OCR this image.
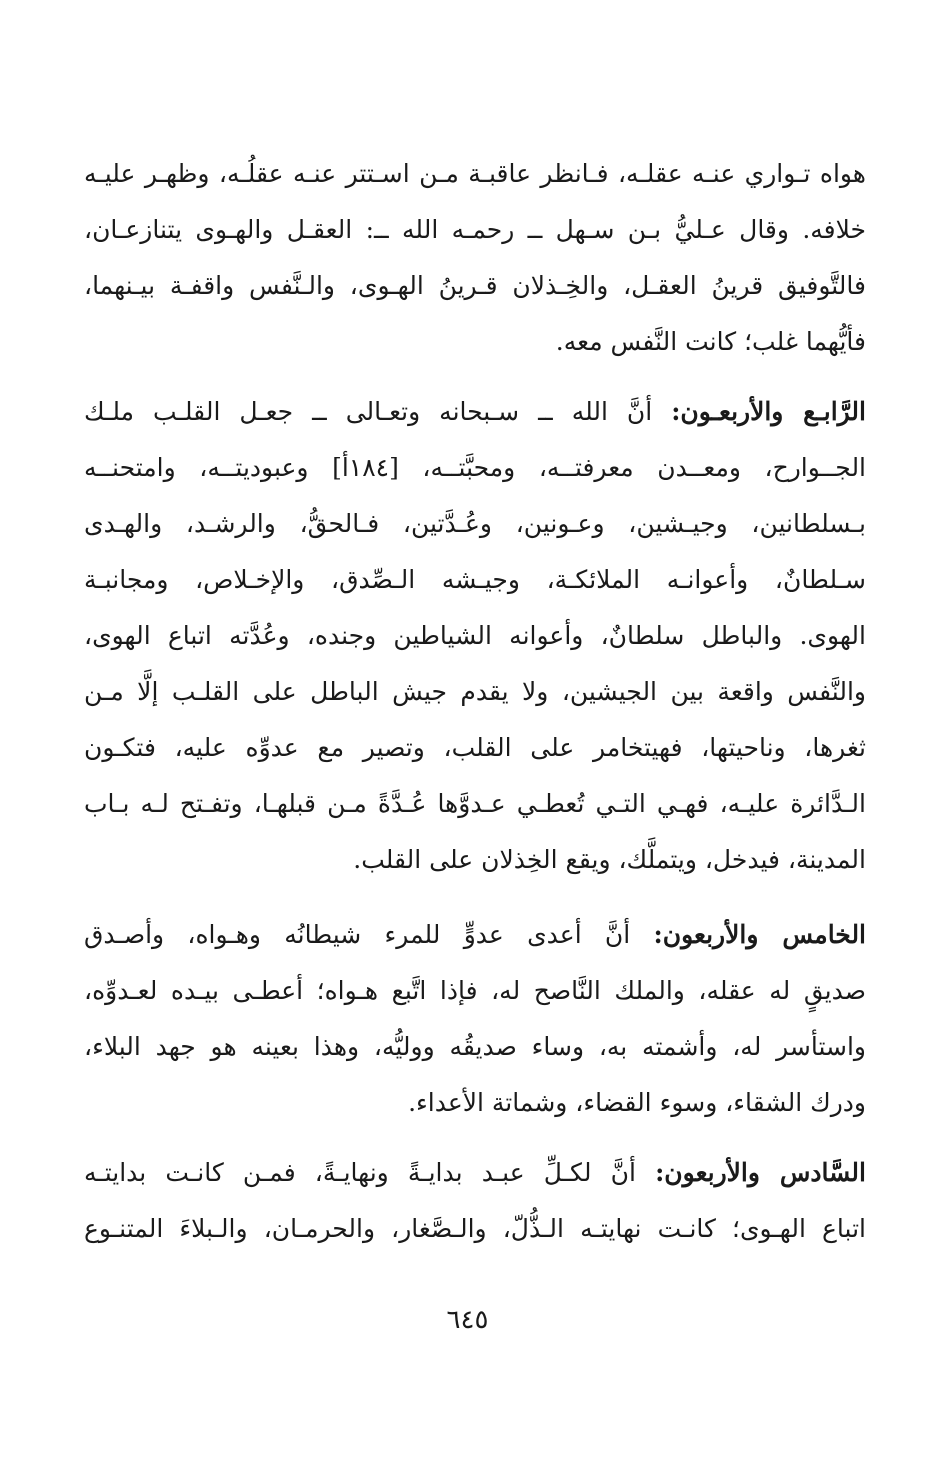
هواه تـواري عنـه عقلـه، فـانظر عاقبـة مـن اسـتتر عنـه عقلُـه، وظهـر عليـه
خلافه. وقال عـليُّ بـن سـهل ــ رحمـه الله ــ: العقـل والهـوى يتنازعـان،
فالتَّوفيق قرينُ العقـل، والخِـذلان قـرينُ الهـوى، والـنَّفس واقفـة بيـنهما،
فأيُّهما غلب؛ كانت النَّفس معه.
الرَّابـع والأربعـون: أنَّ الله ــ سـبحانه وتعـالى ــ جعـل القلـب ملـك
الجــوارح، ومعــدن معرفتــه، ومحبَّتــه، [١٨٤أ] وعبوديتــه، وامتحنــه
بـسلطانين، وجيـشين، وعـونين، وعُـدَّتين، فـالحقُّ، والرشـد، والهـدى
سـلطانٌ، وأعوانـه الملائكـة، وجيـشه الـصِّدق، والإخـلاص، ومجانبـة
الهوى. والباطل سلطانٌ، وأعوانه الشياطين وجنده، وعُدَّته اتباع الهوى،
والنَّفس واقعة بين الجيشين، ولا يقدم جيش الباطل على القلـب إلَّا مـن
ثغرها، وناحيتها، فهيتخامر على القلب، وتصير مع عدوِّه عليه، فتكـون
الـدَّائرة عليـه، فهـي التـي تُعطـي عـدوَّها عُـدَّةً مـن قبلهـا، وتفـتح لـه بـاب
المدينة، فيدخل، ويتملَّك، ويقع الخِذلان على القلب.
الخامس والأربعون: أنَّ أعدى عدوٍّ للمرء شيطانُه وهـواه، وأصـدق
صديقٍ له عقله، والملك النَّاصح له، فإذا اتَّبع هـواه؛ أعطـى بيـده لعـدوِّه،
واستأسر له، وأشمته به، وساء صديقُه ووليُّه، وهذا بعينه هو جهد البلاء،
ودرك الشقاء، وسوء القضاء، وشماتة الأعداء.
السَّادس والأربعون: أنَّ لكـلِّ عبـد بدايـةً ونهايـةً، فمـن كانـت بدايتـه
اتباع الهـوى؛ كانـت نهايتـه الـذُّلّ، والـصَّغار، والحرمـان، والـبلاءَ المتنـوع
٦٤٥
